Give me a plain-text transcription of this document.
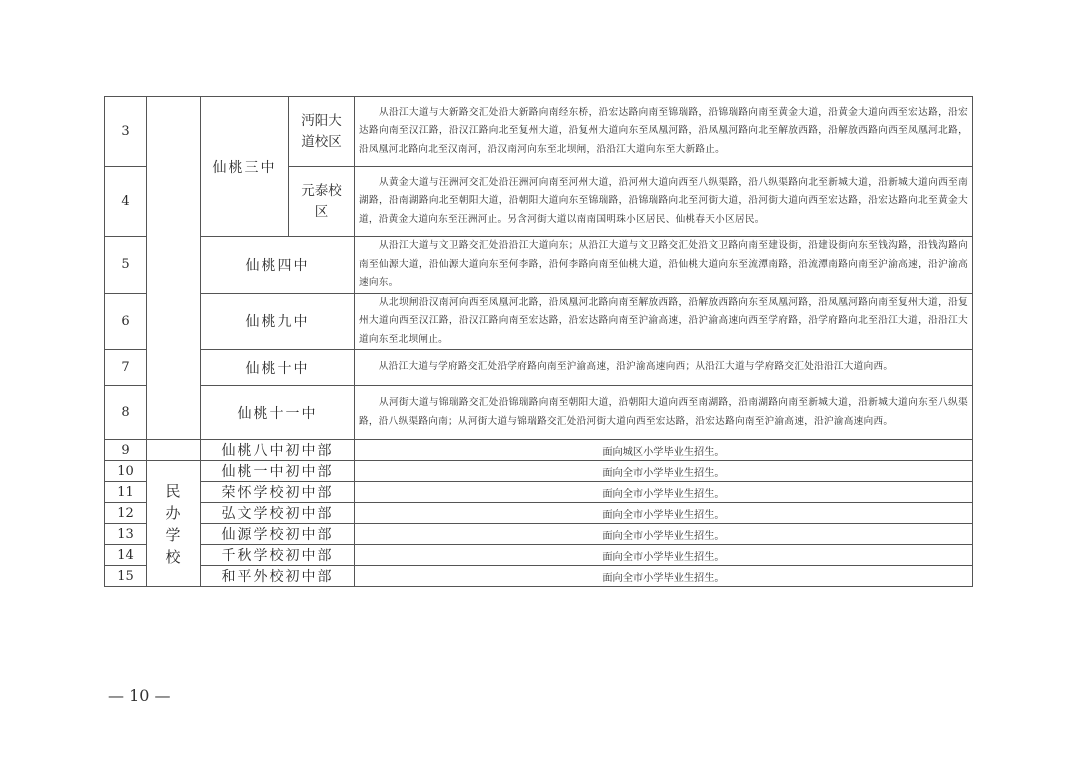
3		仙桃三中	沔阳大道校区	　　从沿江大道与大新路交汇处沿大新路向南经东桥，沿宏达路向南至锦瑞路，沿锦瑞路向南至黄金大道，沿黄金大道向西至宏达路，沿宏达路向南至汉江路，沿汉江路向北至复州大道，沿复州大道向东至凤凰河路，沿凤凰河路向北至解放西路，沿解放西路向西至凤凰河北路，沿凤凰河北路向北至汉南河，沿汉南河向东至北坝闸，沿沿江大道向东至大新路止。
4			元泰校区	　　从黄金大道与汪洲河交汇处沿汪洲河向南至河州大道，沿河州大道向西至八纵渠路，沿八纵渠路向北至新城大道，沿新城大道向西至南湖路，沿南湖路向北至朝阳大道，沿朝阳大道向东至锦瑞路，沿锦瑞路向北至河街大道，沿河街大道向西至宏达路，沿宏达路向北至黄金大道，沿黄金大道向东至汪洲河止。另含河街大道以南南国明珠小区居民、仙桃春天小区居民。
5		仙桃四中		　　从沿江大道与文卫路交汇处沿沿江大道向东；从沿江大道与文卫路交汇处沿文卫路向南至建设街，沿建设街向东至钱沟路，沿钱沟路向南至仙源大道，沿仙源大道向东至何李路，沿何李路向南至仙桃大道，沿仙桃大道向东至流潭南路，沿流潭南路向南至沪渝高速，沿沪渝高速向东。
6		仙桃九中		　　从北坝闸沿汉南河向西至凤凰河北路，沿凤凰河北路向南至解放西路，沿解放西路向东至凤凰河路，沿凤凰河路向南至复州大道，沿复州大道向西至汉江路，沿汉江路向南至宏达路，沿宏达路向南至沪渝高速，沿沪渝高速向西至学府路，沿学府路向北至沿江大道，沿沿江大道向东至北坝闸止。
7		仙桃十中		　　从沿江大道与学府路交汇处沿学府路向南至沪渝高速，沿沪渝高速向西；从沿江大道与学府路交汇处沿沿江大道向西。
8		仙桃十一中		　　从河街大道与锦瑞路交汇处沿锦瑞路向南至朝阳大道，沿朝阳大道向西至南湖路，沿南湖路向南至新城大道，沿新城大道向东至八纵渠路，沿八纵渠路向南；从河街大道与锦瑞路交汇处沿河街大道向西至宏达路，沿宏达路向南至沪渝高速，沿沪渝高速向西。
9		仙桃八中初中部		面向城区小学毕业生招生。
10	民办学校	仙桃一中初中部		面向全市小学毕业生招生。
11		荣怀学校初中部		面向全市小学毕业生招生。
12		弘文学校初中部		面向全市小学毕业生招生。
13		仙源学校初中部		面向全市小学毕业生招生。
14		千秋学校初中部		面向全市小学毕业生招生。
15		和平外校初中部		面向全市小学毕业生招生。
— 10 —
